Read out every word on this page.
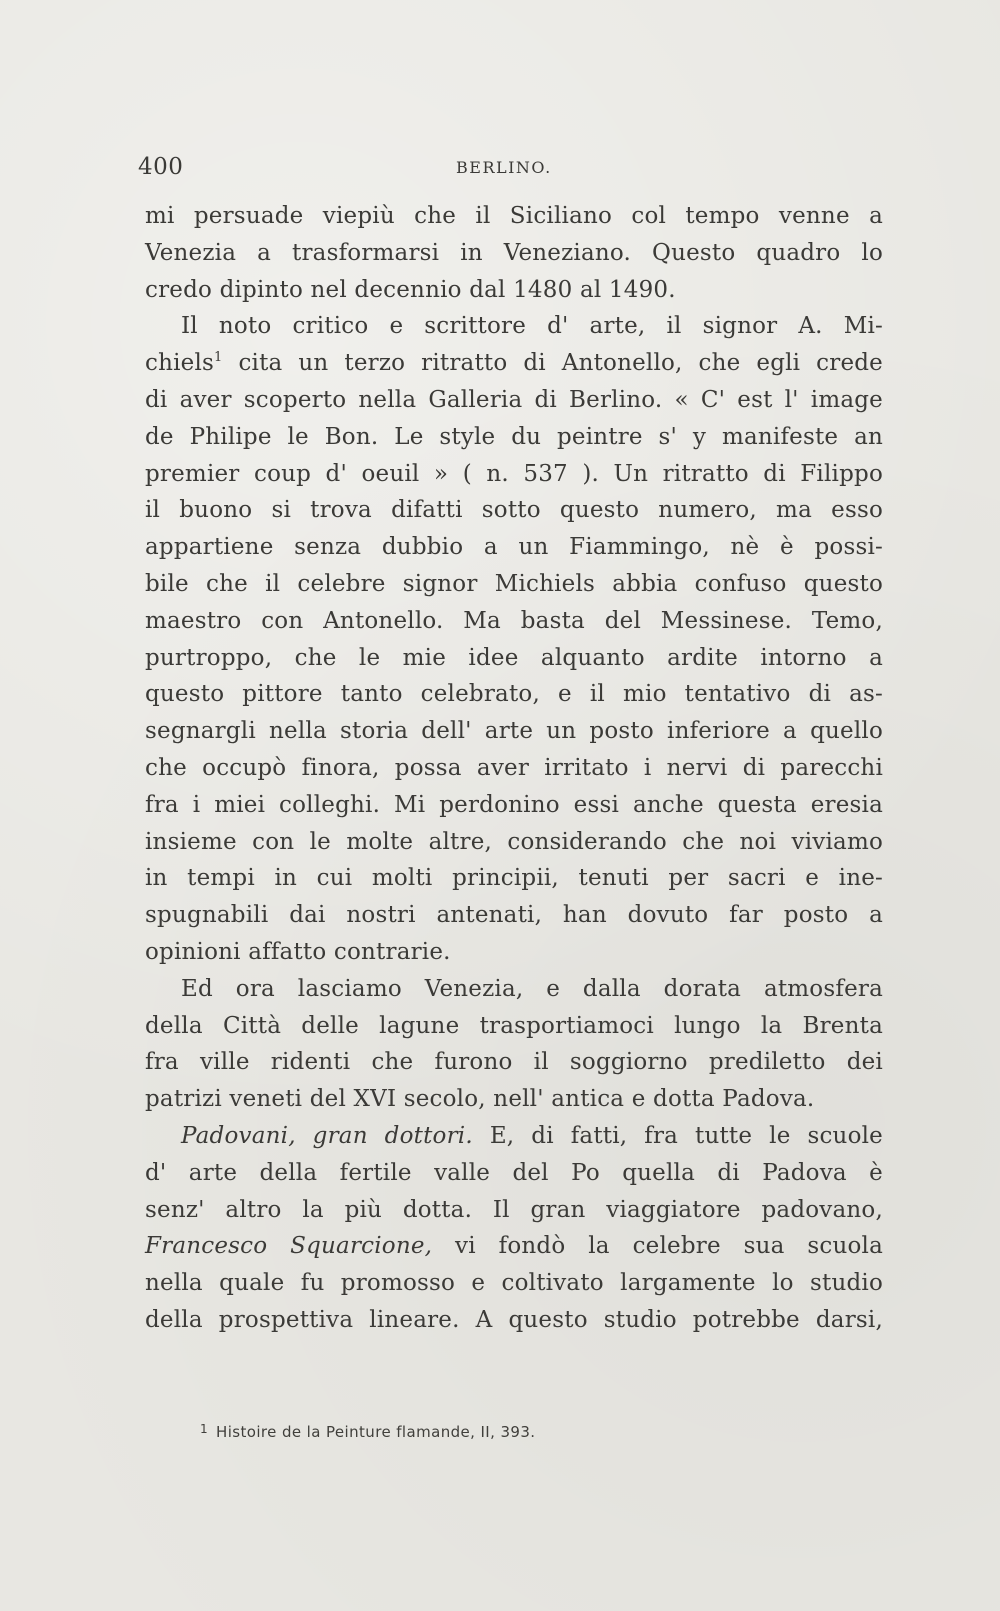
400	BERLINO.
mi persuade viepiù che il Siciliano col tempo venne a
Venezia a trasformarsi in Veneziano. Questo quadro lo
credo dipinto nel decennio dal 1480 al 1490.
Il noto critico e scrittore d' arte, il signor A. Mi-
chiels$^1$ cita un terzo ritratto di Antonello, che egli crede
di aver scoperto nella Galleria di Berlino. « C' est l' image
de Philipe le Bon. Le style du peintre s' y manifeste an
premier coup d' oeuil » ( n. 537 ). Un ritratto di Filippo
il buono si trova difatti sotto questo numero, ma esso
appartiene senza dubbio a un Fiammingo, nè è possi-
bile che il celebre signor Michiels abbia confuso questo
maestro con Antonello. Ma basta del Messinese. Temo,
purtroppo, che le mie idee alquanto ardite intorno a
questo pittore tanto celebrato, e il mio tentativo di as-
segnargli nella storia dell' arte un posto inferiore a quello
che occupò finora, possa aver irritato i nervi di parecchi
fra i miei colleghi. Mi perdonino essi anche questa eresia
insieme con le molte altre, considerando che noi viviamo
in tempi in cui molti principii, tenuti per sacri e ine-
spugnabili dai nostri antenati, han dovuto far posto a
opinioni affatto contrarie.
Ed ora lasciamo Venezia, e dalla dorata atmosfera
della Città delle lagune trasportiamoci lungo la Brenta
fra ville ridenti che furono il soggiorno prediletto dei
patrizi veneti del XVI secolo, nell' antica e dotta Padova.
Padovani, gran dottori. E, di fatti, fra tutte le scuole
d' arte della fertile valle del Po quella di Padova è
senz' altro la più dotta. Il gran viaggiatore padovano,
Francesco Squarcione, vi fondò la celebre sua scuola
nella quale fu promosso e coltivato largamente lo studio
della prospettiva lineare. A questo studio potrebbe darsi,
$^1$ Histoire de la Peinture flamande, II, 393.
